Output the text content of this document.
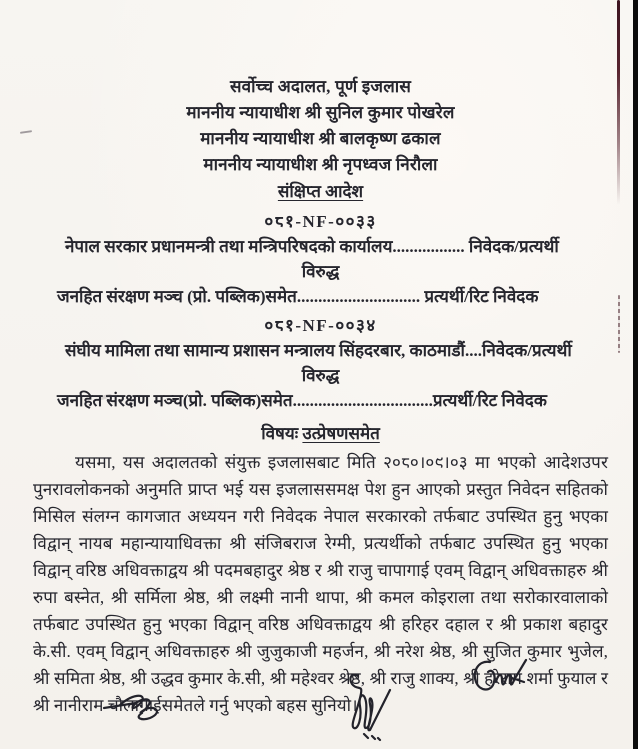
सर्वोच्च अदालत, पूर्ण इजलास
माननीय न्यायाधीश श्री सुनिल कुमार पोखरेल
माननीय न्यायाधीश श्री बालकृष्ण ढकाल
माननीय न्यायाधीश श्री नृपध्वज निरौला
संक्षिप्त आदेश
०८१-NF-००३३
नेपाल सरकार प्रधानमन्त्री तथा मन्त्रिपरिषदको कार्यालय................. निवेदक/प्रत्यर्थी
विरुद्ध
जनहित संरक्षण मञ्च (प्रो. पब्लिक)समेत............................. प्रत्यर्थी/रिट निवेदक
०८१-NF-००३४
संघीय मामिला तथा सामान्य प्रशासन मन्त्रालय सिंहदरबार, काठमाडौं....निवेदक/प्रत्यर्थी
विरुद्ध
जनहित संरक्षण मञ्च(प्रो. पब्लिक)समेत.................................प्रत्यर्थी/रिट निवेदक
विषयः उत्प्रेषणसमेत
यसमा, यस अदालतको संयुक्त इजलासबाट मिति २०८०।०९।०३ मा भएको आदेशउपर पुनरावलोकनको अनुमति प्राप्त भई यस इजलाससमक्ष पेश हुन आएको प्रस्तुत निवेदन सहितको मिसिल संलग्न कागजात अध्ययन गरी निवेदक नेपाल सरकारको तर्फबाट उपस्थित हुनु भएका विद्वान् नायब महान्यायाधिवक्ता श्री संजिबराज रेग्मी, प्रत्यर्थीको तर्फबाट उपस्थित हुनु भएका विद्वान् वरिष्ठ अधिवक्ताद्वय श्री पदमबहादुर श्रेष्ठ र श्री राजु चापागाई एवम् विद्वान् अधिवक्ताहरु श्री रुपा बस्नेत, श्री सर्मिला श्रेष्ठ, श्री लक्ष्मी नानी थापा, श्री कमल कोइराला तथा सरोकारवालाको तर्फबाट उपस्थित हुनु भएका विद्वान् वरिष्ठ अधिवक्ताद्वय श्री हरिहर दहाल र श्री प्रकाश बहादुर के.सी. एवम् विद्वान् अधिवक्ताहरु श्री जुजुकाजी महर्जन, श्री नरेश श्रेष्ठ, श्री सुजित कुमार भुजेल, श्री समिता श्रेष्ठ, श्री उद्धव कुमार के.सी, श्री महेश्वर श्रेष्ठ, श्री राजु शाक्य, श्री हरेराम शर्मा फुयाल र श्री नानीराम चौलागाईसमेतले गर्नु भएको बहस सुनियो।
